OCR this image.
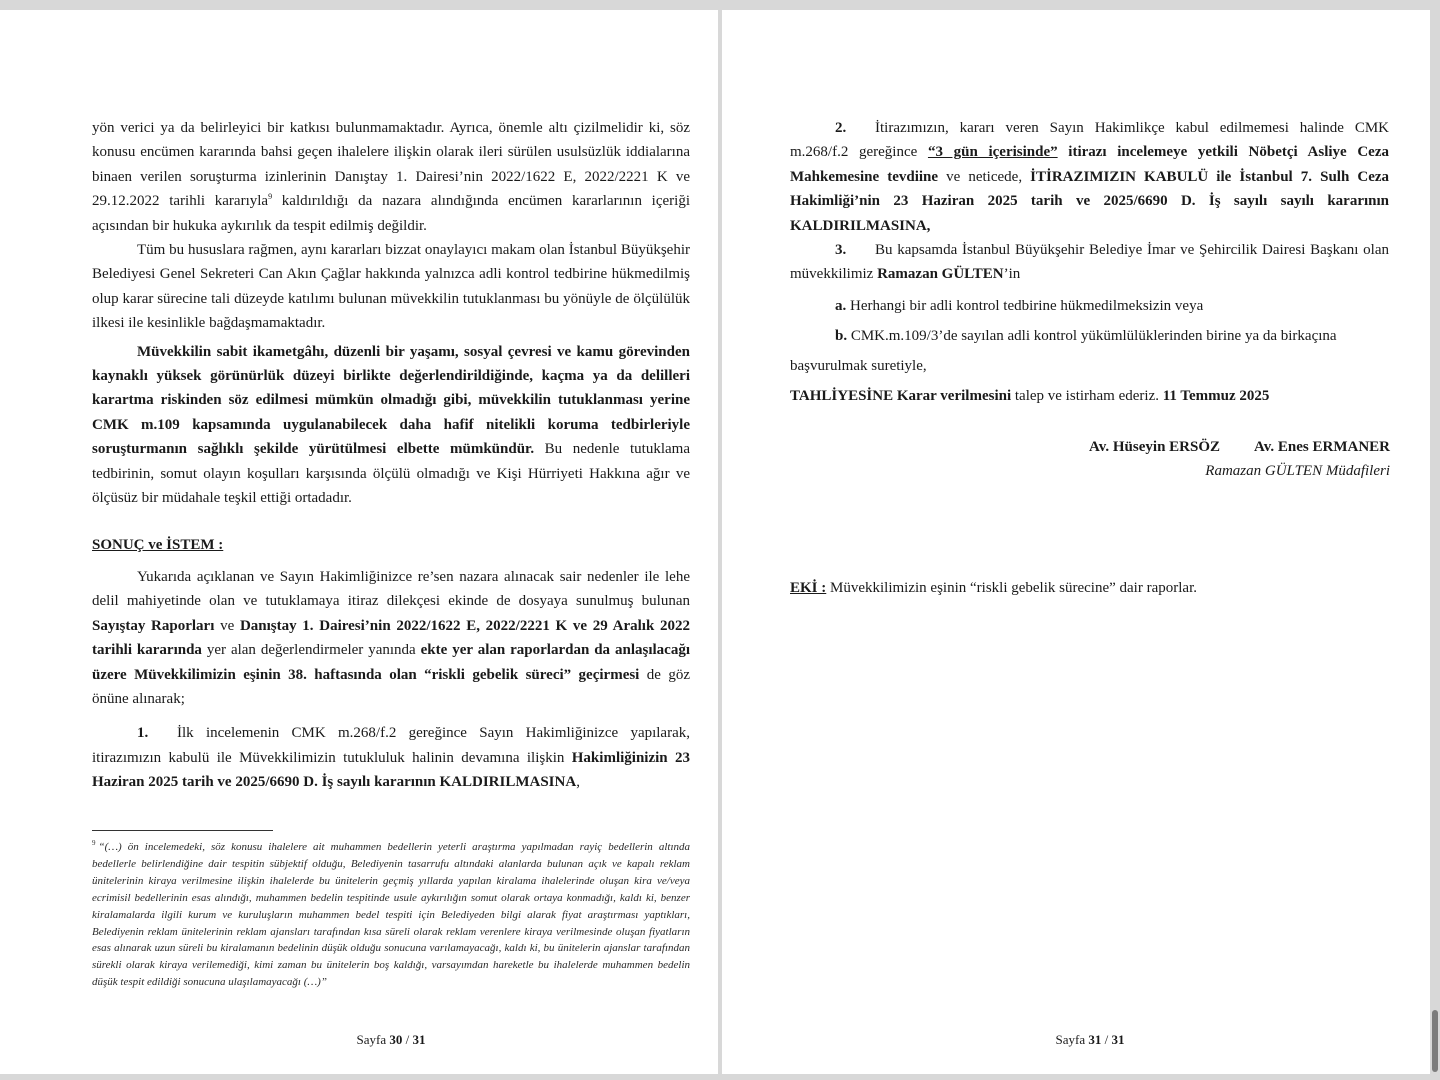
yön verici ya da belirleyici bir katkısı bulunmamaktadır. Ayrıca, önemle altı çizilmelidir ki, söz konusu encümen kararında bahsi geçen ihalelere ilişkin olarak ileri sürülen usulsüzlük iddialarına binaen verilen soruşturma izinlerinin Danıştay 1. Dairesi’nin 2022/1622 E, 2022/2221 K ve 29.12.2022 tarihli kararıyla$^9$ kaldırıldığı da nazara alındığında encümen kararlarının içeriği açısından bir hukuka aykırılık da tespit edilmiş değildir.

Tüm bu hususlara rağmen, aynı kararları bizzat onaylayıcı makam olan İstanbul Büyükşehir Belediyesi Genel Sekreteri Can Akın Çağlar hakkında yalnızca adli kontrol tedbirine hükmedilmiş olup karar sürecine tali düzeyde katılımı bulunan müvekkilin tutuklanması bu yönüyle de ölçülülük ilkesi ile kesinlikle bağdaşmamaktadır.

Müvekkilin sabit ikametgâhı, düzenli bir yaşamı, sosyal çevresi ve kamu görevinden kaynaklı yüksek görünürlük düzeyi birlikte değerlendirildiğinde, kaçma ya da delilleri karartma riskinden söz edilmesi mümkün olmadığı gibi, müvekkilin tutuklanması yerine CMK m.109 kapsamında uygulanabilecek daha hafif nitelikli koruma tedbirleriyle soruşturmanın sağlıklı şekilde yürütülmesi elbette mümkündür. Bu nedenle tutuklama tedbirinin, somut olayın koşulları karşısında ölçülü olmadığı ve Kişi Hürriyeti Hakkına ağır ve ölçüsüz bir müdahale teşkil ettiği ortadadır.

SONUÇ ve İSTEM :

Yukarıda açıklanan ve Sayın Hakimliğinizce re’sen nazara alınacak sair nedenler ile lehe delil mahiyetinde olan ve tutuklamaya itiraz dilekçesi ekinde de dosyaya sunulmuş bulunan Sayıştay Raporları ve Danıştay 1. Dairesi’nin 2022/1622 E, 2022/2221 K ve 29 Aralık 2022 tarihli kararında yer alan değerlendirmeler yanında ekte yer alan raporlardan da anlaşılacağı üzere Müvekkilimizin eşinin 38. haftasında olan “riskli gebelik süreci” geçirmesi de göz önüne alınarak;

1. İlk incelemenin CMK m.268/f.2 gereğince Sayın Hakimliğinizce yapılarak, itirazımızın kabulü ile Müvekkilimizin tutukluluk halinin devamına ilişkin Hakimliğinizin 23 Haziran 2025 tarih ve 2025/6690 D. İş sayılı kararının KALDIRILMASINA,

$^9$ “(…) ön incelemedeki, söz konusu ihalelere ait muhammen bedellerin yeterli araştırma yapılmadan rayiç bedellerin altında bedellerle belirlendiğine dair tespitin sübjektif olduğu, Belediyenin tasarrufu altındaki alanlarda bulunan açık ve kapalı reklam ünitelerinin kiraya verilmesine ilişkin ihalelerde bu ünitelerin geçmiş yıllarda yapılan kiralama ihalelerinde oluşan kira ve/veya ecrimisil bedellerinin esas alındığı, muhammen bedelin tespitinde usule aykırılığın somut olarak ortaya konmadığı, kaldı ki, benzer kiralamalarda ilgili kurum ve kuruluşların muhammen bedel tespiti için Belediyeden bilgi alarak fiyat araştırması yaptıkları, Belediyenin reklam ünitelerinin reklam ajansları tarafından kısa süreli olarak reklam verenlere kiraya verilmesinde oluşan fiyatların esas alınarak uzun süreli bu kiralamanın bedelinin düşük olduğu sonucuna varılamayacağı, kaldı ki, bu ünitelerin ajanslar tarafından sürekli olarak kiraya verilemediği, kimi zaman bu ünitelerin boş kaldığı, varsayımdan hareketle bu ihalelerde muhammen bedelin düşük tespit edildiği sonucuna ulaşılamayacağı (…)”
Sayfa 30 / 31

2. İtirazımızın, kararı veren Sayın Hakimlikçe kabul edilmemesi halinde CMK m.268/f.2 gereğince “3 gün içerisinde” itirazı incelemeye yetkili Nöbetçi Asliye Ceza Mahkemesine tevdiine ve neticede, İTİRAZIMIZIN KABULÜ ile İstanbul 7. Sulh Ceza Hakimliği’nin 23 Haziran 2025 tarih ve 2025/6690 D. İş sayılı sayılı kararının KALDIRILMASINA,

3. Bu kapsamda İstanbul Büyükşehir Belediye İmar ve Şehircilik Dairesi Başkanı olan müvekkilimiz Ramazan GÜLTEN’in

a. Herhangi bir adli kontrol tedbirine hükmedilmeksizin veya

b. CMK.m.109/3’de sayılan adli kontrol yükümlülüklerinden birine ya da birkaçına

başvurulmak suretiyle,

TAHLİYESİNE Karar verilmesini talep ve istirham ederiz. 11 Temmuz 2025

Av. Hüseyin ERSÖZ Av. Enes ERMANER
Ramazan GÜLTEN Müdafileri
EKİ : Müvekkilimizin eşinin “riskli gebelik sürecine” dair raporlar.
Sayfa 31 / 31
